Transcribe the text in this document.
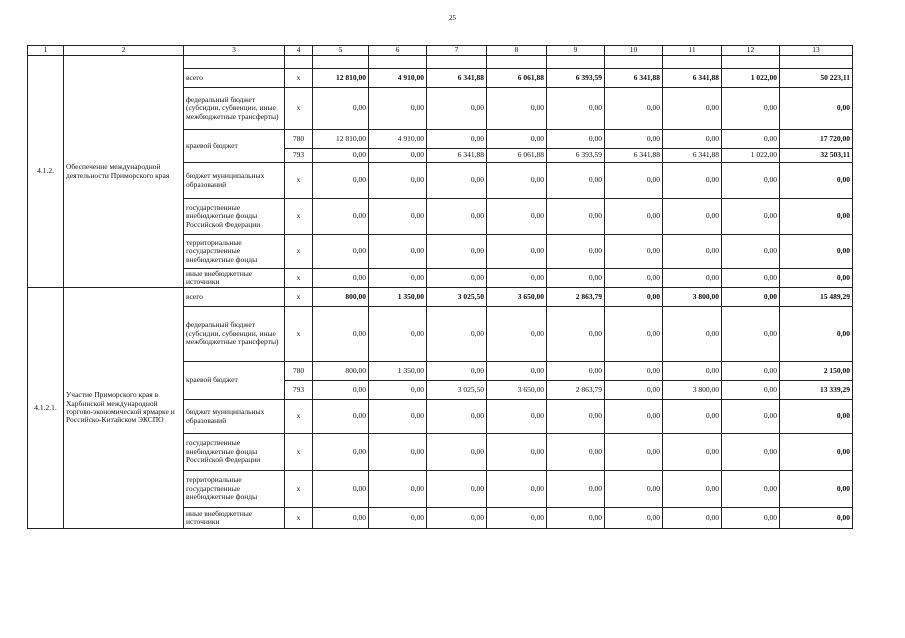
25
1	2	3	4	5	6	7	8	9	10	11	12	13
4.1.2.	Обеспечение международной деятельности Приморского края											
		всего	x	12 810,00	4 910,00	6 341,88	6 061,88	6 393,59	6 341,88	6 341,88	1 022,00	50 223,11
		федеральный бюджет (субсидии, субвенции, иные межбюджетные трансферты)	x	0,00	0,00	0,00	0,00	0,00	0,00	0,00	0,00	0,00
		краевой бюджет	780	12 810,00	4 910,00	0,00	0,00	0,00	0,00	0,00	0,00	17 720,00
			793	0,00	0,00	6 341,88	6 061,88	6 393,59	6 341,88	6 341,88	1 022,00	32 503,11
		бюджет муниципальных образований	x	0,00	0,00	0,00	0,00	0,00	0,00	0,00	0,00	0,00
		государственные внебюджетные фонды Российской Федерации	x	0,00	0,00	0,00	0,00	0,00	0,00	0,00	0,00	0,00
		территориальные государственные внебюджетные фонды	x	0,00	0,00	0,00	0,00	0,00	0,00	0,00	0,00	0,00
		иные внебюджетные источники	x	0,00	0,00	0,00	0,00	0,00	0,00	0,00	0,00	0,00
4.1.2.1.	Участие Приморского края в Харбинской международной торгово-экономической ярмарке и Российско-Китайском ЭКСПО	всего	x	800,00	1 350,00	3 025,50	3 650,00	2 863,79	0,00	3 800,00	0,00	15 489,29
		федеральный бюджет (субсидии, субвенции, иные межбюджетные трансферты)	x	0,00	0,00	0,00	0,00	0,00	0,00	0,00	0,00	0,00
		краевой бюджет	780	800,00	1 350,00	0,00	0,00	0,00	0,00	0,00	0,00	2 150,00
			793	0,00	0,00	3 025,50	3 650,00	2 863,79	0,00	3 800,00	0,00	13 339,29
		бюджет муниципальных образований	x	0,00	0,00	0,00	0,00	0,00	0,00	0,00	0,00	0,00
		государственные внебюджетные фонды Российской Федерации	x	0,00	0,00	0,00	0,00	0,00	0,00	0,00	0,00	0,00
		территориальные государственные внебюджетные фонды	x	0,00	0,00	0,00	0,00	0,00	0,00	0,00	0,00	0,00
		иные внебюджетные источники	x	0,00	0,00	0,00	0,00	0,00	0,00	0,00	0,00	0,00
